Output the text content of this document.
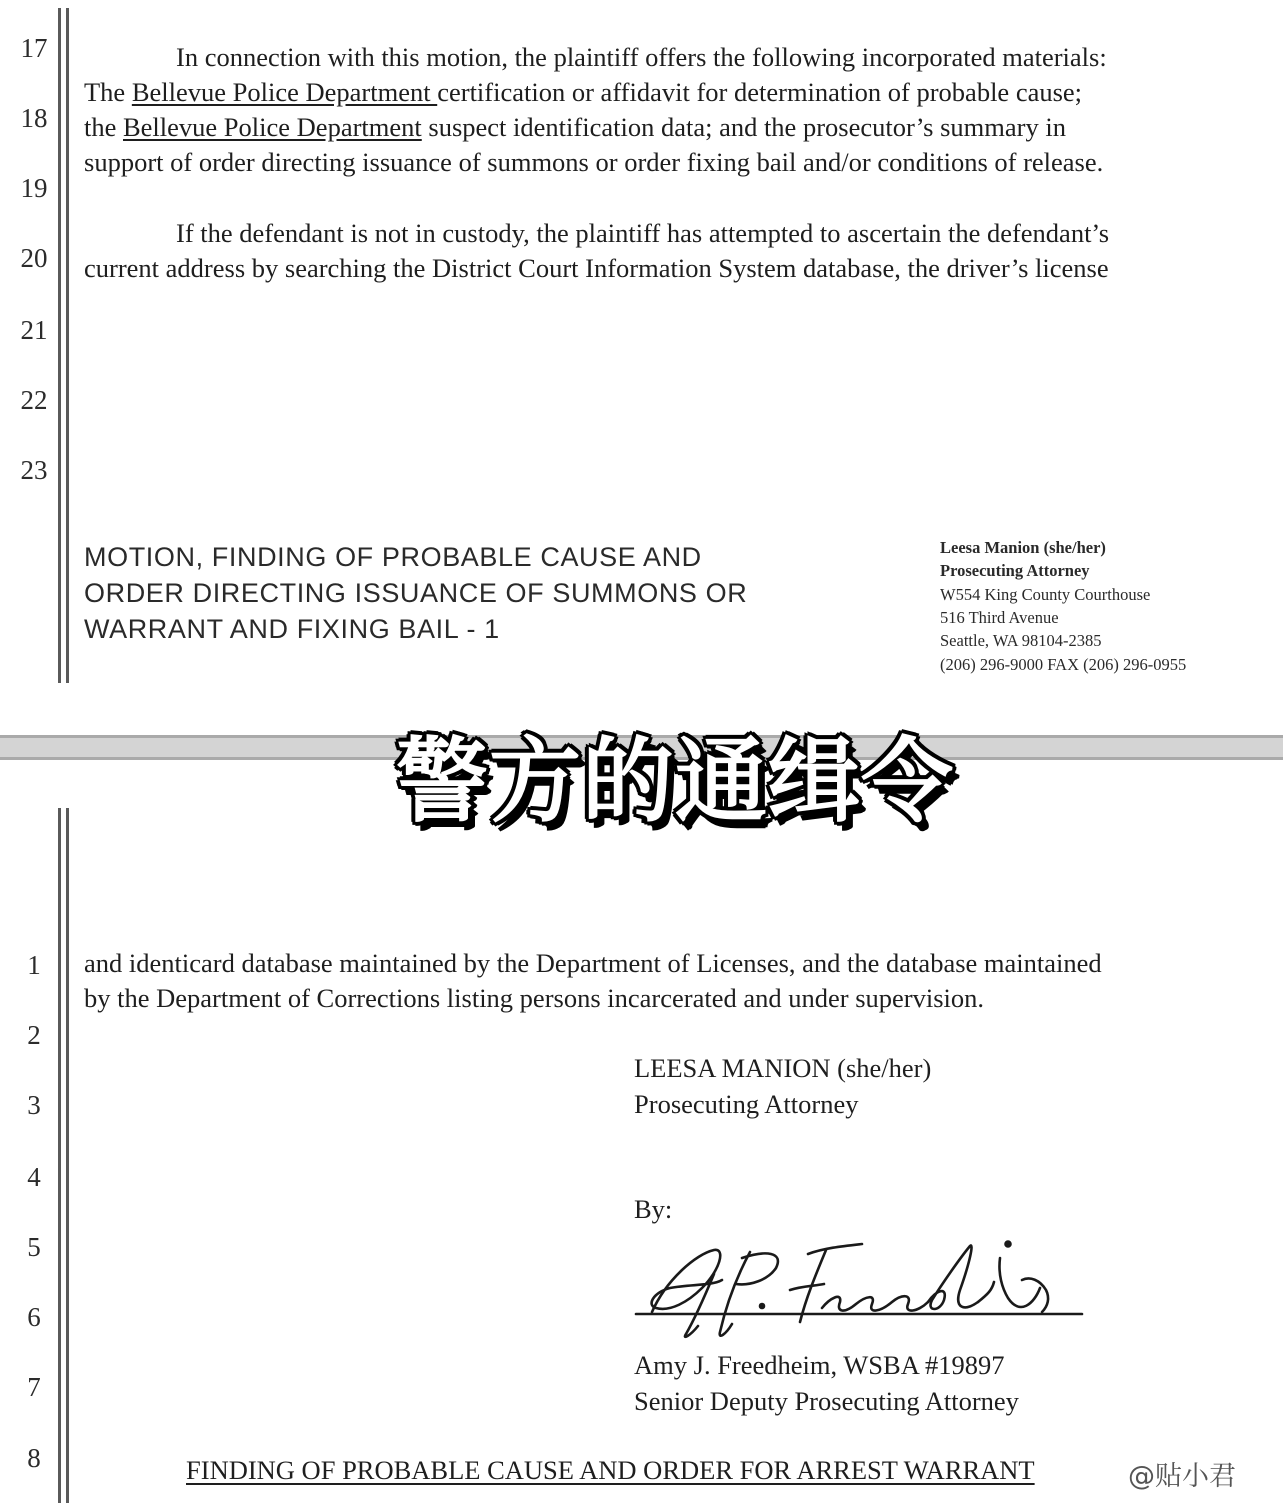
17
18
19
20
21
22
23

In connection with this motion, the plaintiff offers the following incorporated materials:

The Bellevue Police Department certification or affidavit for determination of probable cause;

the Bellevue Police Department suspect identification data; and the prosecutor’s summary in

support of order directing issuance of summons or order fixing bail and/or conditions of release.

If the defendant is not in custody, the plaintiff has attempted to ascertain the defendant’s

current address by searching the District Court Information System database, the driver’s license

MOTION, FINDING OF PROBABLE CAUSE AND

ORDER DIRECTING ISSUANCE OF SUMMONS OR

WARRANT AND FIXING BAIL - 1

Leesa Manion (she/her)

Prosecuting Attorney

W554 King County Courthouse

516 Third Avenue

Seattle, WA 98104-2385

(206) 296-9000 FAX (206) 296-0955

1
2
3
4
5
6
7
8

and identicard database maintained by the Department of Licenses, and the database maintained

by the Department of Corrections listing persons incarcerated and under supervision.

LEESA MANION (she/her)

Prosecuting Attorney

By:

Amy J. Freedheim, WSBA #19897

Senior Deputy Prosecuting Attorney

FINDING OF PROBABLE CAUSE AND ORDER FOR ARREST WARRANT

警方的通缉令

@贴小君
